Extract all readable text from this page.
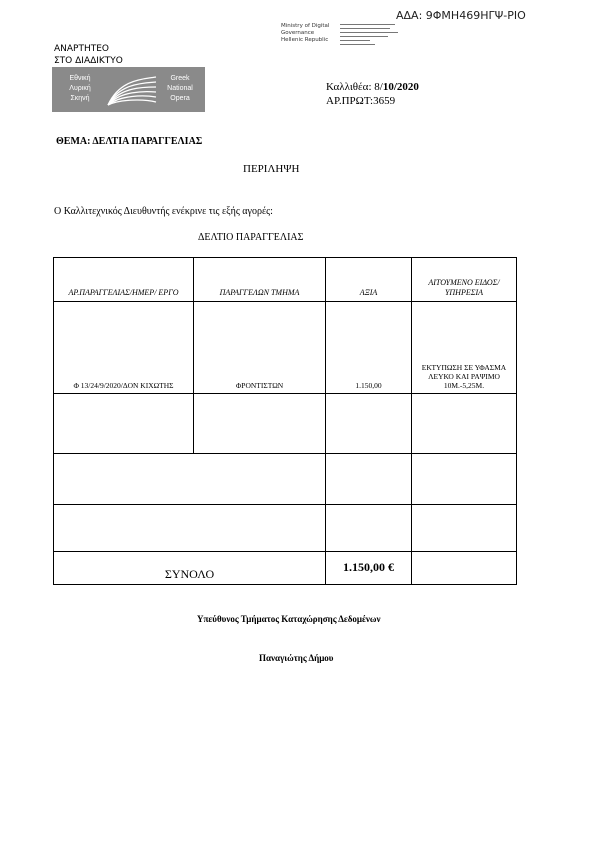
ΑΔΑ: 9ΦΜΗ469ΗΓΨ-ΡΙΟ
Ministry of Digital
Governance
Hellenic Republic
ΑΝΑΡΤΗΤΕΟ
ΣΤΟ ΔΙΑΔΙΚΤΥΟ
Εθνική
Λυρική
Σκηνή
Greek
National
Opera
Καλλιθέα: 8/10/2020
ΑΡ.ΠΡΩΤ:3659
ΘΕΜΑ: ΔΕΛΤΙΑ ΠΑΡΑΓΓΕΛΙΑΣ
ΠΕΡΙΛΗΨΗ
Ο Καλλιτεχνικός Διευθυντής ενέκρινε τις εξής αγορές:
ΔΕΛΤΙΟ ΠΑΡΑΓΓΕΛΙΑΣ
ΑΡ.ΠΑΡΑΓΓΕΛΙΑΣ/ΗΜΕΡ/ ΕΡΓΟ	ΠΑΡΑΓΓΕΛΩΝ ΤΜΗΜΑ	ΑΞΙΑ	ΑΙΤΟΥΜΕΝΟ ΕΙΔΟΣ/ΥΠΗΡΕΣΙΑ
Φ 13/24/9/2020/ΔΟΝ ΚΙΧΩΤΗΣ	ΦΡΟΝΤΙΣΤΩΝ	1.150,00	ΕΚΤΥΠΩΣΗ ΣΕ ΥΦΑΣΜΑ ΛΕΥΚΟ ΚΑΙ ΡΑΨΙΜΟ 10Μ.-5,25Μ.

ΣΥΝΟΛΟ		1.150,00 €	
Υπεύθυνος Τμήματος Καταχώρησης Δεδομένων
Παναγιώτης Δήμου
